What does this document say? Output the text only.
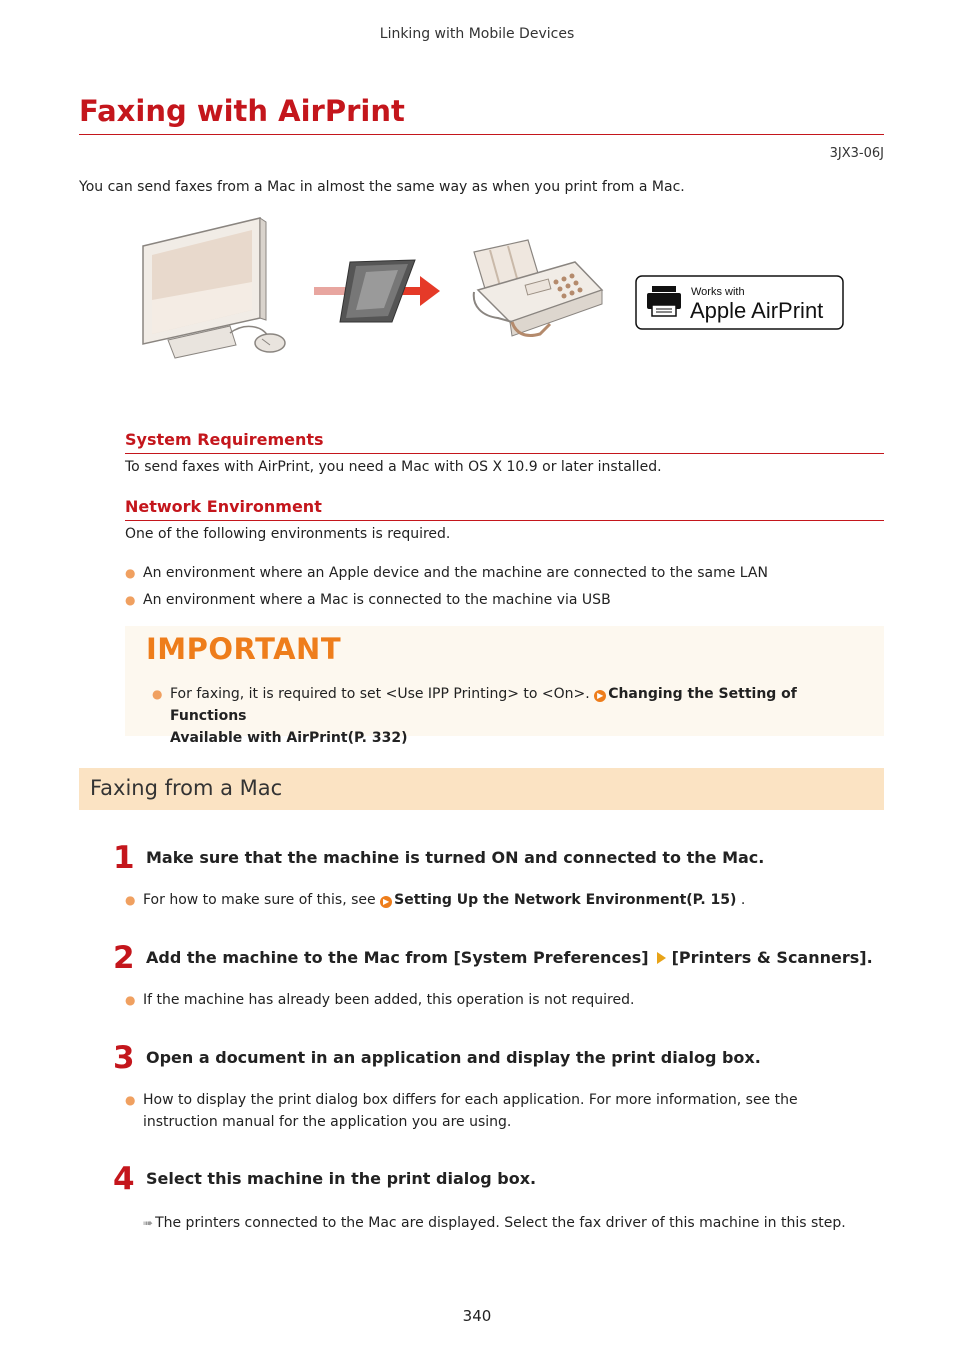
Linking with Mobile Devices
Faxing with AirPrint
3JX3-06J
You can send faxes from a Mac in almost the same way as when you print from a Mac.
Works with
Apple AirPrint
System Requirements
To send faxes with AirPrint, you need a Mac with OS X 10.9 or later installed.
Network Environment
One of the following environments is required.
● An environment where an Apple device and the machine are connected to the same LAN
● An environment where a Mac is connected to the machine via USB
IMPORTANT
● For faxing, it is required to set <Use IPP Printing> to <On>. ▶ Changing the Setting of Functions
Available with AirPrint(P. 332)
Faxing from a Mac
1 Make sure that the machine is turned ON and connected to the Mac.
● For how to make sure of this, see ▶ Setting Up the Network Environment(P. 15) .
2 Add the machine to the Mac from [System Preferences] [Printers & Scanners].
● If the machine has already been added, this operation is not required.
3 Open a document in an application and display the print dialog box.
● How to display the print dialog box differs for each application. For more information, see the instruction manual for the application you are using.
4 Select this machine in the print dialog box.
➠ The printers connected to the Mac are displayed. Select the fax driver of this machine in this step.
340
